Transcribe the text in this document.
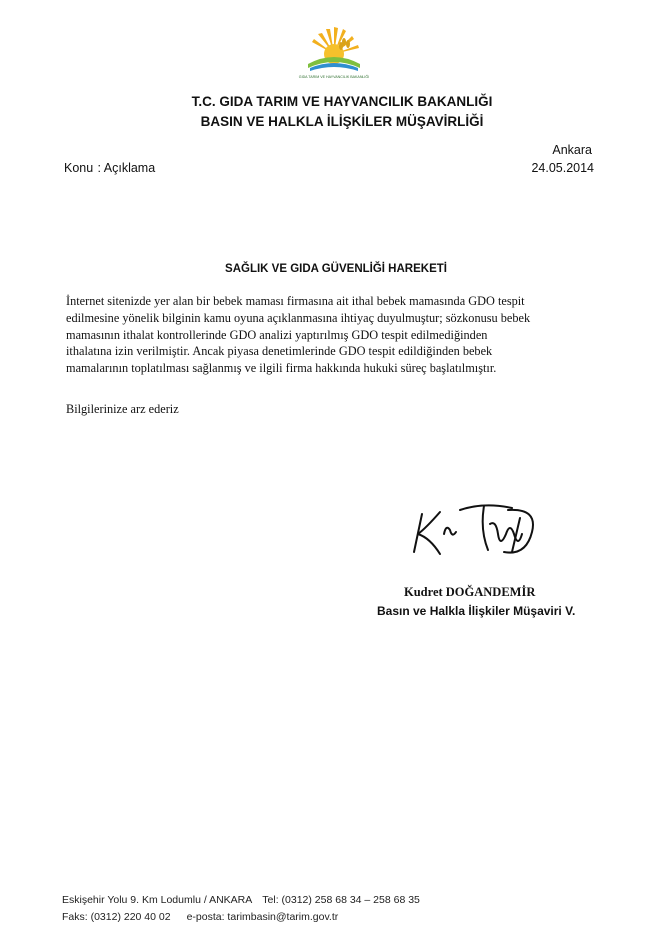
GIDA TARIM VE HAYVANCILIK BAKANLIĞI
T.C. GIDA TARIM VE HAYVANCILIK BAKANLIĞI
BASIN VE HALKLA İLİŞKİLER MÜŞAVİRLİĞİ
Ankara
24.05.2014
Konu : Açıklama
SAĞLIK VE GIDA GÜVENLİĞİ HAREKETİ
İnternet sitenizde yer alan bir bebek maması firmasına ait ithal bebek mamasında GDO tespit
edilmesine yönelik bilginin kamu oyuna açıklanmasına ihtiyaç duyulmuştur; sözkonusu bebek
mamasının ithalat kontrollerinde GDO analizi yaptırılmış GDO tespit edilmediğinden
ithalatına izin verilmiştir. Ancak piyasa denetimlerinde GDO tespit edildiğinden bebek
mamalarının toplatılması sağlanmış ve ilgili firma hakkında hukuki süreç başlatılmıştır.
Bilgilerinize arz ederiz
Kudret DOĞANDEMİR
Basın ve Halkla İlişkiler Müşaviri V.
Eskişehir Yolu 9. Km Lodumlu / ANKARA Tel: (0312) 258 68 34 – 258 68 35
Faks: (0312) 220 40 02 e-posta: tarimbasin@tarim.gov.tr
